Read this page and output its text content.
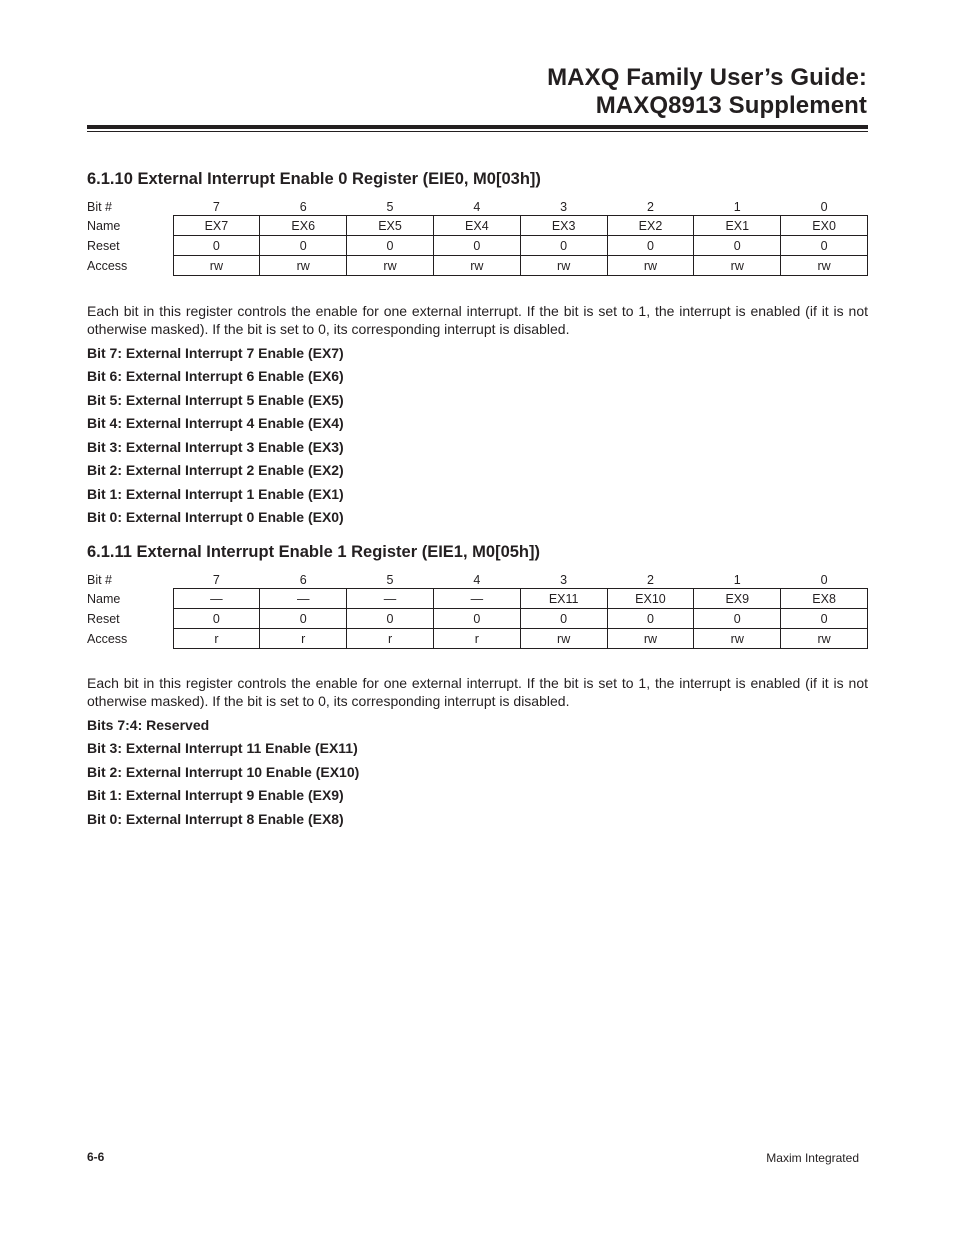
MAXQ Family User’s Guide:
MAXQ8913 Supplement
6.1.10 External Interrupt Enable 0 Register (EIE0, M0[03h])
Bit #	7	6	5	4	3	2	1	0
Name	EX7	EX6	EX5	EX4	EX3	EX2	EX1	EX0
Reset	0	0	0	0	0	0	0	0
Access	rw	rw	rw	rw	rw	rw	rw	rw
Each bit in this register controls the enable for one external interrupt. If the bit is set to 1, the interrupt is enabled (if it is not otherwise masked). If the bit is set to 0, its corresponding interrupt is disabled.
Bit 7: External Interrupt 7 Enable (EX7)
Bit 6: External Interrupt 6 Enable (EX6)
Bit 5: External Interrupt 5 Enable (EX5)
Bit 4: External Interrupt 4 Enable (EX4)
Bit 3: External Interrupt 3 Enable (EX3)
Bit 2: External Interrupt 2 Enable (EX2)
Bit 1: External Interrupt 1 Enable (EX1)
Bit 0: External Interrupt 0 Enable (EX0)
6.1.11 External Interrupt Enable 1 Register (EIE1, M0[05h])
Bit #	7	6	5	4	3	2	1	0
Name	—	—	—	—	EX11	EX10	EX9	EX8
Reset	0	0	0	0	0	0	0	0
Access	r	r	r	r	rw	rw	rw	rw
Each bit in this register controls the enable for one external interrupt. If the bit is set to 1, the interrupt is enabled (if it is not otherwise masked). If the bit is set to 0, its corresponding interrupt is disabled.
Bits 7:4: Reserved
Bit 3: External Interrupt 11 Enable (EX11)
Bit 2: External Interrupt 10 Enable (EX10)
Bit 1: External Interrupt 9 Enable (EX9)
Bit 0: External Interrupt 8 Enable (EX8)
6-6	Maxim Integrated
